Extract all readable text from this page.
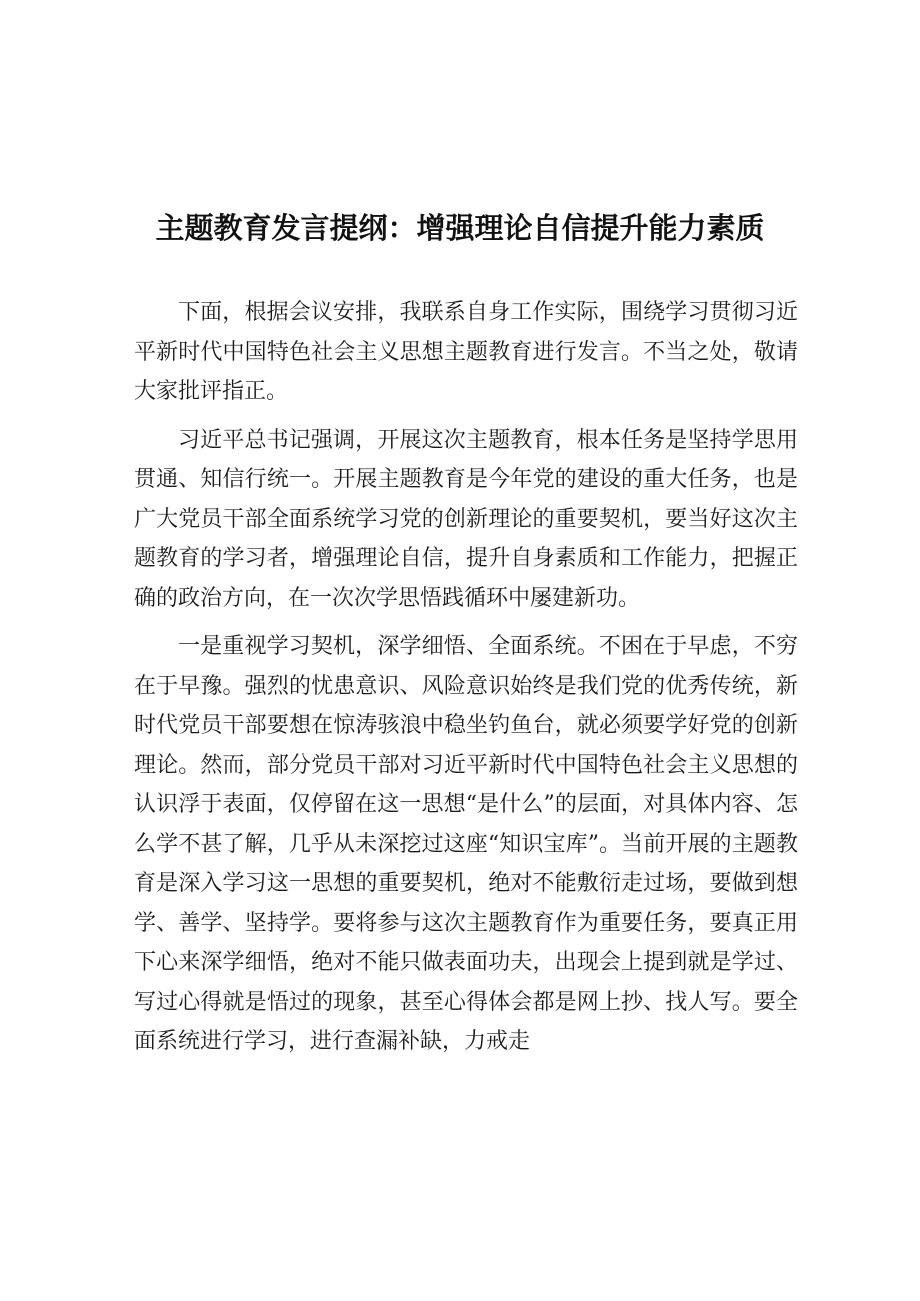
主题教育发言提纲：增强理论自信提升能力素质

下面，根据会议安排，我联系自身工作实际，围绕学习贯彻习近平新时代中国特色社会主义思想主题教育进行发言。不当之处，敬请大家批评指正。

习近平总书记强调，开展这次主题教育，根本任务是坚持学思用贯通、知信行统一。开展主题教育是今年党的建设的重大任务，也是广大党员干部全面系统学习党的创新理论的重要契机，要当好这次主题教育的学习者，增强理论自信，提升自身素质和工作能力，把握正确的政治方向，在一次次学思悟践循环中屡建新功。

一是重视学习契机，深学细悟、全面系统。不困在于早虑，不穷在于早豫。强烈的忧患意识、风险意识始终是我们党的优秀传统，新时代党员干部要想在惊涛骇浪中稳坐钓鱼台，就必须要学好党的创新理论。然而，部分党员干部对习近平新时代中国特色社会主义思想的认识浮于表面，仅停留在这一思想“是什么”的层面，对具体内容、怎么学不甚了解，几乎从未深挖过这座“知识宝库”。当前开展的主题教育是深入学习这一思想的重要契机，绝对不能敷衍走过场，要做到想学、善学、坚持学。要将参与这次主题教育作为重要任务，要真正用下心来深学细悟，绝对不能只做表面功夫，出现会上提到就是学过、写过心得就是悟过的现象，甚至心得体会都是网上抄、找人写。要全面系统进行学习，进行查漏补缺，力戒走
